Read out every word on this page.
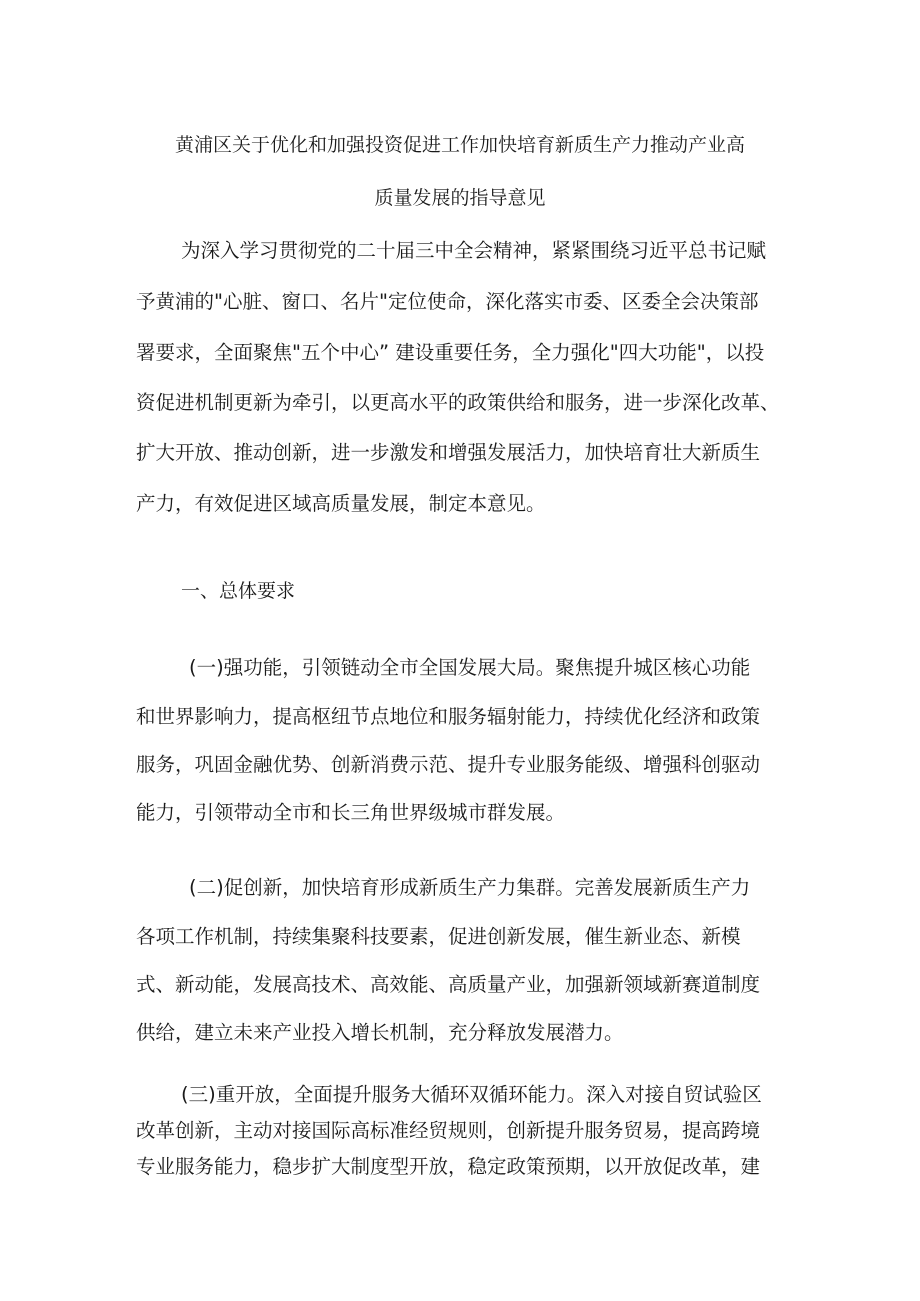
黄浦区关于优化和加强投资促进工作加快培育新质生产力推动产业高
质量发展的指导意见
为深入学习贯彻党的二十届三中全会精神，紧紧围绕习近平总书记赋
予黄浦的"心脏、窗口、名片"定位使命，深化落实市委、区委全会决策部
署要求，全面聚焦"五个中心” 建设重要任务，全力强化"四大功能"，以投
资促进机制更新为牵引，以更高水平的政策供给和服务，进一步深化改革、
扩大开放、推动创新，进一步激发和增强发展活力，加快培育壮大新质生
产力，有效促进区域高质量发展，制定本意见。
一、总体要求
(一)强功能，引领链动全市全国发展大局。聚焦提升城区核心功能
和世界影响力，提高枢纽节点地位和服务辐射能力，持续优化经济和政策
服务，巩固金融优势、创新消费示范、提升专业服务能级、增强科创驱动
能力，引领带动全市和长三角世界级城市群发展。
(二)促创新，加快培育形成新质生产力集群。完善发展新质生产力
各项工作机制，持续集聚科技要素，促进创新发展，催生新业态、新模
式、新动能，发展高技术、高效能、高质量产业，加强新领域新赛道制度
供给，建立未来产业投入增长机制，充分释放发展潜力。
(三)重开放，全面提升服务大循环双循环能力。深入对接自贸试验区
改革创新，主动对接国际高标准经贸规则，创新提升服务贸易，提高跨境
专业服务能力，稳步扩大制度型开放，稳定政策预期，以开放促改革，建
